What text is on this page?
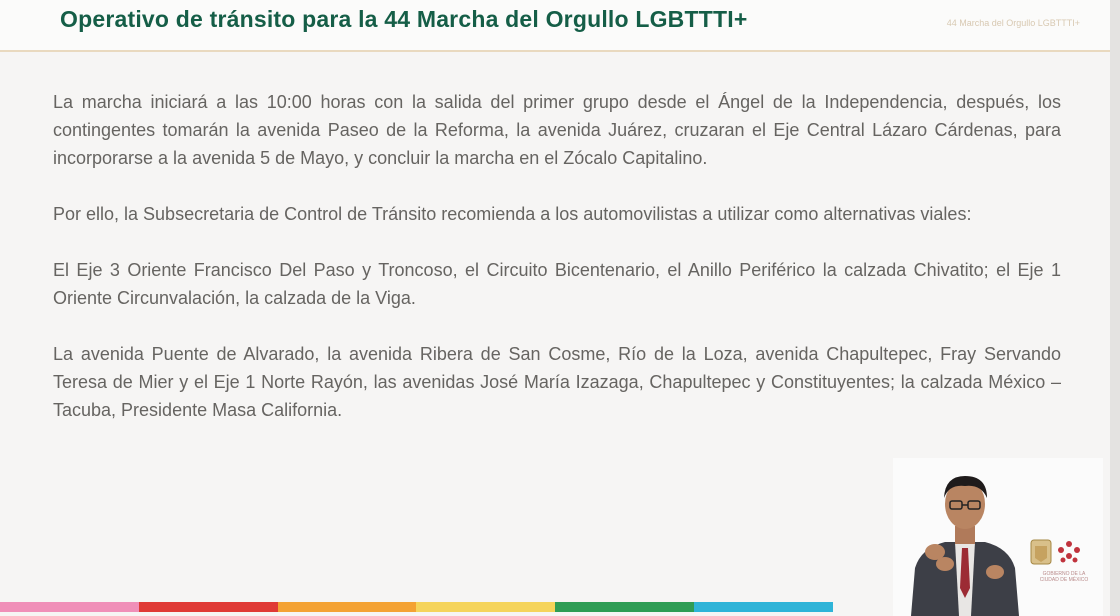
Operativo de tránsito para la 44 Marcha del Orgullo LGBTTTI+	44 Marcha del Orgullo LGBTTTI+

La marcha iniciará a las 10:00 horas con la salida del primer grupo desde el Ángel de la Independencia, después, los contingentes tomarán la avenida Paseo de la Reforma, la avenida Juárez, cruzaran el Eje Central Lázaro Cárdenas, para incorporarse a la avenida 5 de Mayo, y concluir la marcha en el Zócalo Capitalino.

Por ello, la Subsecretaria de Control de Tránsito recomienda a los automovilistas a utilizar como alternativas viales:

El Eje 3 Oriente Francisco Del Paso y Troncoso, el Circuito Bicentenario, el Anillo Periférico la calzada Chivatito; el Eje 1 Oriente Circunvalación, la calzada de la Viga.

La avenida Puente de Alvarado, la avenida Ribera de San Cosme, Río de la Loza, avenida Chapultepec, Fray Servando Teresa de Mier y el Eje 1 Norte Rayón, las avenidas José María Izazaga, Chapultepec y Constituyentes; la calzada México – Tacuba, Presidente Masa California.

GOBIERNO DE LA CIUDAD DE MÉXICO
